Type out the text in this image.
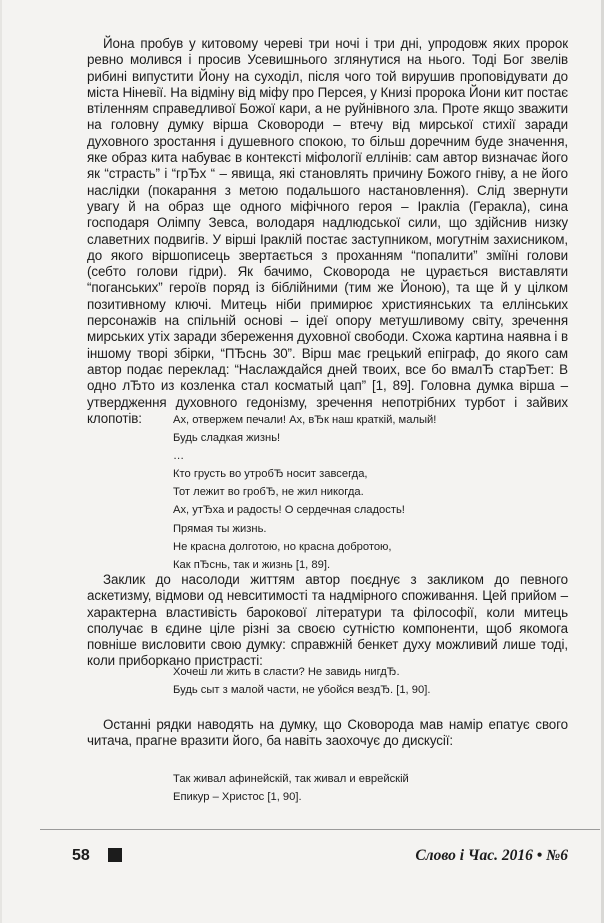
Йона пробув у китовому череві три ночі і три дні, упродовж яких пророк ревно молився і просив Усевишнього зглянутися на нього. Тоді Бог звелів рибині випустити Йону на суходіл, після чого той вирушив проповідувати до міста Ніневії. На відміну від міфу про Персея, у Книзі пророка Йони кит постає втіленням справедливої Божої кари, а не руйнівного зла. Проте якщо зважити на головну думку вірша Сковороди – втечу від мирської стихії заради духовного зростання і душевного спокою, то більш доречним буде значення, яке образ кита набуває в контексті міфології еллінів: сам автор визначає його як “страсть” і “грЂх “ – явища, які становлять причину Божого гніву, а не його наслідки (покарання з метою подальшого настановлення). Слід звернути увагу й на образ ще одного міфічного героя – Іракліа (Геракла), сина господаря Олімпу Зевса, володаря надлюдської сили, що здійснив низку славетних подвигів. У вірші Іраклій постає заступником, могутнім захисником, до якого віршописець звертається з проханням “попалити” зміїні голови (себто голови гідри). Як бачимо, Сковорода не цурається виставляти “поганських” героїв поряд із біблійними (тим же Йоною), та ще й у цілком позитивному ключі. Митець ніби примирює християнських та еллінських персонажів на спільній основі – ідеї опору метушливому світу, зречення мирських утіх заради збереження духовної свободи. Схожа картина наявна і в іншому творі збірки, “ПЂснь 30”. Вірш має грецький епіграф, до якого сам автор подає переклад: “Наслаждайся дней твоих, все бо вмалЂ старЂет: В одно лЂто из козленка стал косматый цап” [1, 89]. Головна думка вірша – утвердження духовного гедонізму, зречення непотрібних турбот і зайвих клопотів:	Ах, отвержем печали! Ах, вЂк наш краткій, малый!
Будь сладкая жизнь!
…
Кто грусть во утробЂ носит завсегда,
Тот лежит во гробЂ, не жил никогда.
Ах, утЂха и радость! О сердечная сладость!
Прямая ты жизнь.
Не красна долготою, но красна добротою,
Как пЂснь, так и жизнь [1, 89].

Заклик до насолоди життям автор поєднує з закликом до певного аскетизму, відмови од невситимості та надмірного споживання. Цей прийом – характерна властивість барокової літератури та філософії, коли митець сполучає в єдине ціле різні за своєю сутністю компоненти, щоб якомога повніше висловити свою думку: справжній бенкет духу можливий лише тоді, коли приборкано пристрасті:

Хочеш ли жить в сласти? Не завидь нигдЂ.
Будь сыт з малой части, не убойся вездЂ. [1, 90].

Останні рядки наводять на думку, що Сковорода мав намір епатує свого читача, прагне вразити його, ба навіть заохочує до дискусії:

Так живал афинейскій, так живал и еврейскій
Епикур – Христос [1, 90].
58	Слово і Час. 2016 • №6
